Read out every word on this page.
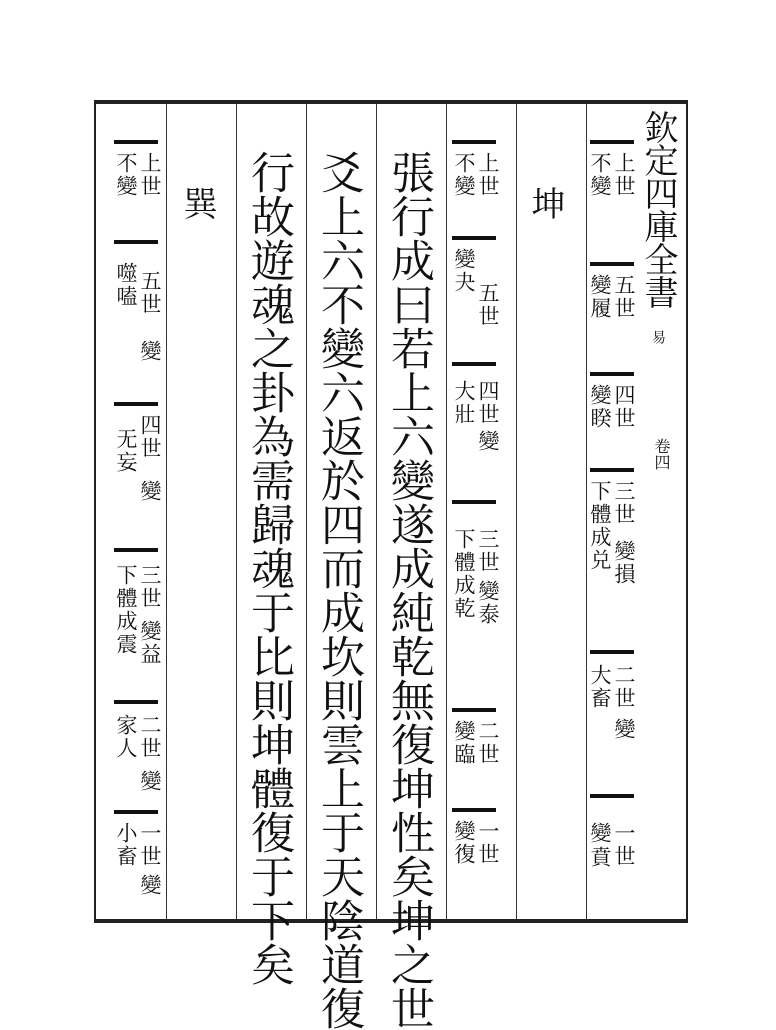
欽定四庫全書
易
卷四
上世
不變
五世
變履
四世
變睽
三世
變損
下體成兑
二世
變
大畜
一世
變
賁
坤
上世
不變
五世
變夬
四世
變
大壯
三世
變泰
下體成乾
二世
變臨
一世
變復
張行成曰若上六變遂成純乾無復坤性矣坤之世
爻上六不變六返於四而成坎則雲上于天陰道復
行故遊魂之卦為需歸魂于比則坤體復于下矣
巽
上世
不變
五世
變
噬嗑
四世
變
无妄
三世
變益
下體成震
二世
變
家人
一世
變
小畜
